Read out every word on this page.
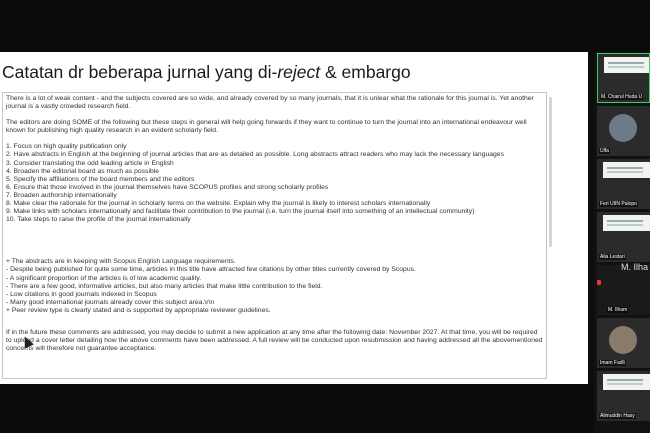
Catatan dr beberapa jurnal yang di-reject & embargo

There is a lot of weak content - and the subjects covered are so wide, and already covered by so many journals, that it is unlear what the rationale for this journal is. Yet another journal is a vastly crowded research field.

The editors are doing SOME of the following but these steps in general will help going forwards if they want to continue to turn the journal into an international endeavour well known for publishing high quality research in an evident scholarly field.

1. Focus on high quality publication only

2. Have abstracts in English at the beginning of journal articles that are as detailed as possible. Long abstracts attract readers who may lack the necessary languages

3. Consider translating the odd leading article in English

4. Broaden the editorial board as much as possible

5. Specify the affiliations of the board members and the editors

6. Ensure that those involved in the journal themselves have SCOPUS profiles and strong scholarly profiles

7. Broaden authorship internationally

8. Make clear the rationale for the journal in scholarly terms on the website. Explain why the journal is likely to interest scholars internationally

9. Make links with scholars internationally and facilitate their contribution to the journal (i.e. turn the journal itself into something of an intellectual community)

10. Take steps to raise the profile of the journal internationally

+ The abstracts are in keeping with Scopus English Language requirements.

- Despite being published for quite some time, articles in this title have attracted few citations by other titles currently covered by Scopus.

- A significant proportion of the articles is of low academic quality.

- There are a few good, informative articles, but also many articles that make little contribution to the field.

- Low citations in good journals indexed in Scopus

- Many good international journals already cover this subject area.\r\n

+ Peer review type is clearly stated and is supported by appropriate reviewer guidelines.

If in the future these comments are addressed, you may decide to submit a new application at any time after the following date: November 2027. At that time, you will be required to upload a cover letter detailing how the above comments have been addressed. A full review will be conducted upon resubmission and having addressed all the abovementioned concerns will therefore not guarantee acceptance.

M. Chairul Huda U
Ulfa
Feri UIIN Palopo
Alia Lestari
M. Ilham
Imam Fadli
Alimuddin Hasy
M. Ilha
